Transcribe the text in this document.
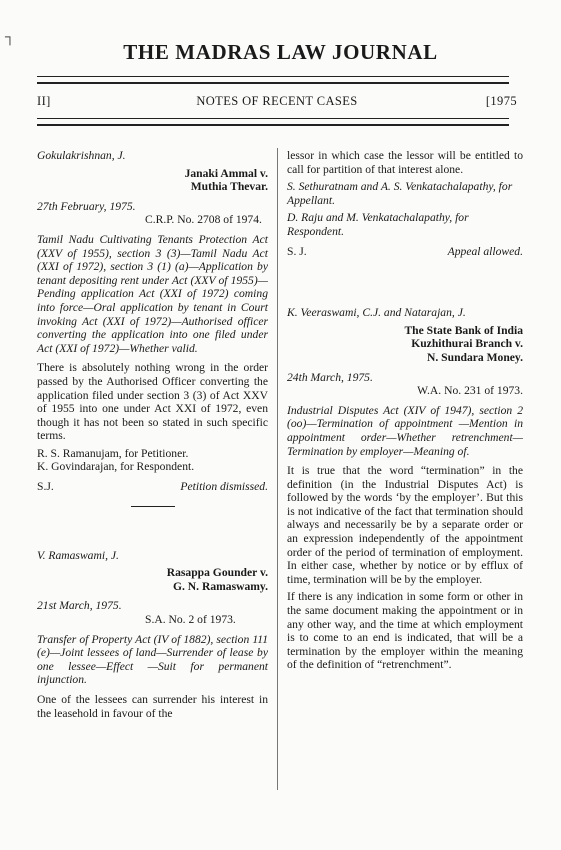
┐
THE MADRAS LAW JOURNAL
II]	NOTES OF RECENT CASES	[1975

Gokulakrishnan, J.

Janaki Ammal v.
Muthia Thevar.

27th February, 1975.

C.R.P. No. 2708 of 1974.

Tamil Nadu Cultivating Tenants Protection Act (XXV of 1955), section 3 (3)—Tamil Nadu Act (XXI of 1972), section 3 (1) (a)—Application by tenant depositing rent under Act (XXV of 1955)—Pending application Act (XXI of 1972) coming into force—Oral application by tenant in Court invoking Act (XXI of 1972)—Authorised officer converting the application into one filed under Act (XXI of 1972)—Whether valid.

There is absolutely nothing wrong in the order passed by the Authorised Officer converting the application filed under section 3 (3) of Act XXV of 1955 into one under Act XXI of 1972, even though it has not been so stated in such specific terms.

R. S. Ramanujam, for Petitioner.

K. Govindarajan, for Respondent.

S.J.	Petition dismissed.

V. Ramaswami, J.

Rasappa Gounder v.
G. N. Ramaswamy.

21st March, 1975.

S.A. No. 2 of 1973.

Transfer of Property Act (IV of 1882), section 111 (e)—Joint lessees of land—Surrender of lease by one lessee—Effect —Suit for permanent injunction.

One of the lessees can surrender his interest in the leasehold in favour of the

lessor in which case the lessor will be entitled to call for partition of that interest alone.

S. Sethuratnam and A. S. Venkatachalapathy, for Appellant.

D. Raju and M. Venkatachalapathy, for Respondent.

S. J.	Appeal allowed.

K. Veeraswami, C.J. and Natarajan, J.

The State Bank of India
Kuzhithurai Branch v.
N. Sundara Money.

24th March, 1975.

W.A. No. 231 of 1973.

Industrial Disputes Act (XIV of 1947), section 2 (oo)—Termination of appointment —Mention in appointment order—Whether retrenchment—Termination by employer—Meaning of.

It is true that the word “termination” in the definition (in the Industrial Disputes Act) is followed by the words ‘by the employer’. But this is not indicative of the fact that termination should always and necessarily be by a separate order or an expression independently of the appointment order of the period of termination of employment. In either case, whether by notice or by efflux of time, termination will be by the employer.

If there is any indication in some form or other in the same document making the appointment or in any other way, and the time at which employment is to come to an end is indicated, that will be a termination by the employer within the meaning of the definition of “retrenchment”.
